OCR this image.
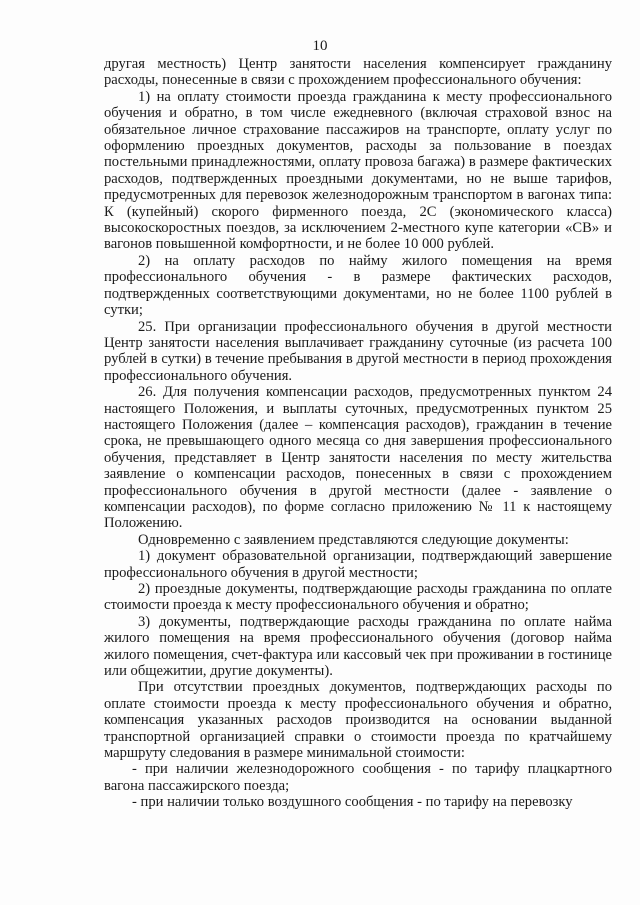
10

другая местность) Центр занятости населения компенсирует гражданину расходы, понесенные в связи с прохождением профессионального обучения:

1) на оплату стоимости проезда гражданина к месту профессионального обучения и обратно, в том числе ежедневного (включая страховой взнос на обязательное личное страхование пассажиров на транспорте, оплату услуг по оформлению проездных документов, расходы за пользование в поездах постельными принадлежностями, оплату провоза багажа) в размере фактических расходов, подтвержденных проездными документами, но не выше тарифов, предусмотренных для перевозок железнодорожным транспортом в вагонах типа: К (купейный) скорого фирменного поезда, 2С (экономического класса) высокоскоростных поездов, за исключением 2-местного купе категории «СВ» и вагонов повышенной комфортности, и не более 10 000 рублей.

2) на оплату расходов по найму жилого помещения на время профессионального обучения - в размере фактических расходов, подтвержденных соответствующими документами, но не более 1100 рублей в сутки;

25. При организации профессионального обучения в другой местности Центр занятости населения выплачивает гражданину суточные (из расчета 100 рублей в сутки) в течение пребывания в другой местности в период прохождения профессионального обучения.

26. Для получения компенсации расходов, предусмотренных пунктом 24 настоящего Положения, и выплаты суточных, предусмотренных пунктом 25 настоящего Положения (далее – компенсация расходов), гражданин в течение срока, не превышающего одного месяца со дня завершения профессионального обучения, представляет в Центр занятости населения по месту жительства заявление о компенсации расходов, понесенных в связи с прохождением профессионального обучения в другой местности (далее - заявление о компенсации расходов), по форме согласно приложению № 11 к настоящему Положению.

Одновременно с заявлением представляются следующие документы:

1) документ образовательной организации, подтверждающий завершение профессионального обучения в другой местности;

2) проездные документы, подтверждающие расходы гражданина по оплате стоимости проезда к месту профессионального обучения и обратно;

3) документы, подтверждающие расходы гражданина по оплате найма жилого помещения на время профессионального обучения (договор найма жилого помещения, счет-фактура или кассовый чек при проживании в гостинице или общежитии, другие документы).

При отсутствии проездных документов, подтверждающих расходы по оплате стоимости проезда к месту профессионального обучения и обратно, компенсация указанных расходов производится на основании выданной транспортной организацией справки о стоимости проезда по кратчайшему маршруту следования в размере минимальной стоимости:

- при наличии железнодорожного сообщения - по тарифу плацкартного вагона пассажирского поезда;

- при наличии только воздушного сообщения - по тарифу на перевозку
